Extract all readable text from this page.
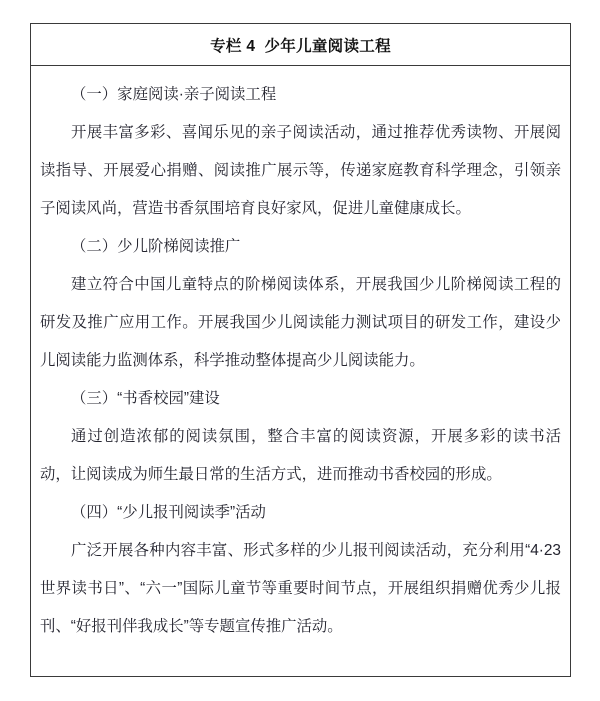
专栏 4  少年儿童阅读工程

（一）家庭阅读·亲子阅读工程

开展丰富多彩、喜闻乐见的亲子阅读活动，通过推荐优秀读物、开展阅读指导、开展爱心捐赠、阅读推广展示等，传递家庭教育科学理念，引领亲子阅读风尚，营造书香氛围培育良好家风，促进儿童健康成长。

（二）少儿阶梯阅读推广

建立符合中国儿童特点的阶梯阅读体系，开展我国少儿阶梯阅读工程的研发及推广应用工作。开展我国少儿阅读能力测试项目的研发工作，建设少儿阅读能力监测体系，科学推动整体提高少儿阅读能力。

（三）“书香校园”建设

通过创造浓郁的阅读氛围，整合丰富的阅读资源，开展多彩的读书活动，让阅读成为师生最日常的生活方式，进而推动书香校园的形成。

（四）“少儿报刊阅读季”活动

广泛开展各种内容丰富、形式多样的少儿报刊阅读活动，充分利用“4·23 世界读书日”、“六一”国际儿童节等重要时间节点，开展组织捐赠优秀少儿报刊、“好报刊伴我成长”等专题宣传推广活动。
